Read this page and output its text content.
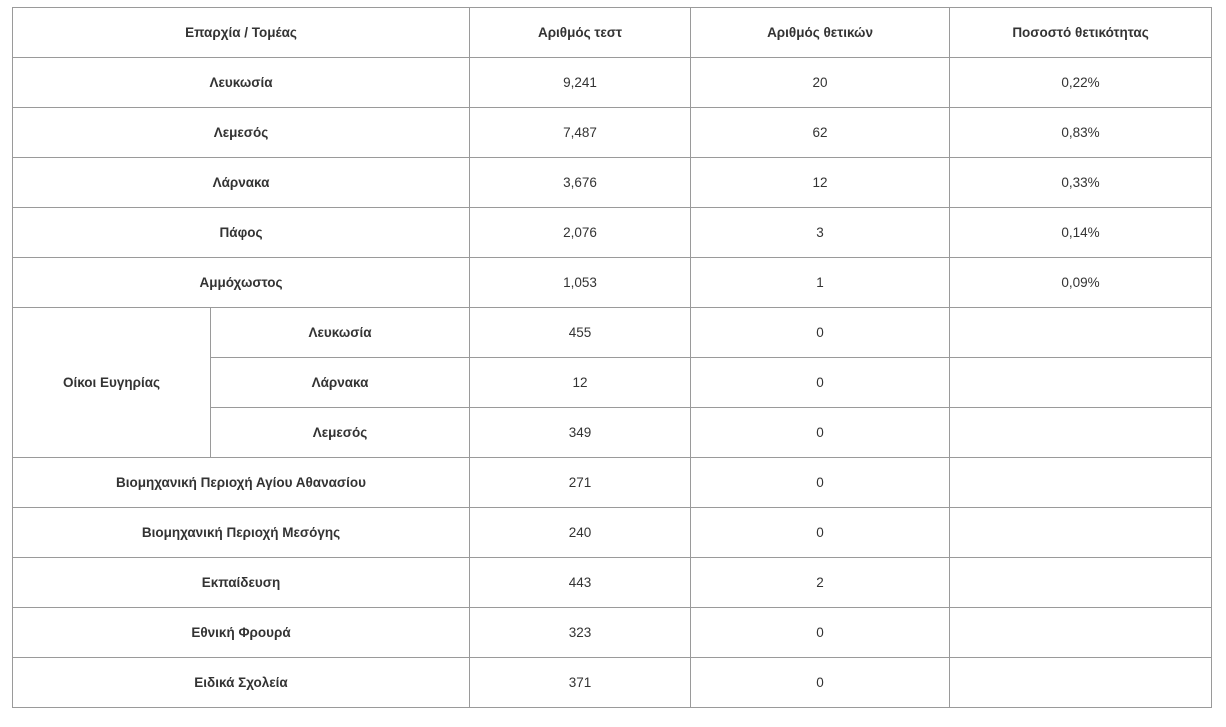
Επαρχία / Τομέας		Αριθμός τεστ	Αριθμός θετικών	Ποσοστό θετικότητας
Λευκωσία		9,241	20	0,22%
Λεμεσός		7,487	62	0,83%
Λάρνακα		3,676	12	0,33%
Πάφος		2,076	3	0,14%
Αμμόχωστος		1,053	1	0,09%
Οίκοι Ευγηρίας	Λευκωσία	455	0	
	Λάρνακα	12	0	
	Λεμεσός	349	0	
Βιομηχανική Περιοχή Αγίου Αθανασίου		271	0	
Βιομηχανική Περιοχή Μεσόγης		240	0	
Εκπαίδευση		443	2	
Εθνική Φρουρά		323	0	
Ειδικά Σχολεία		371	0	
